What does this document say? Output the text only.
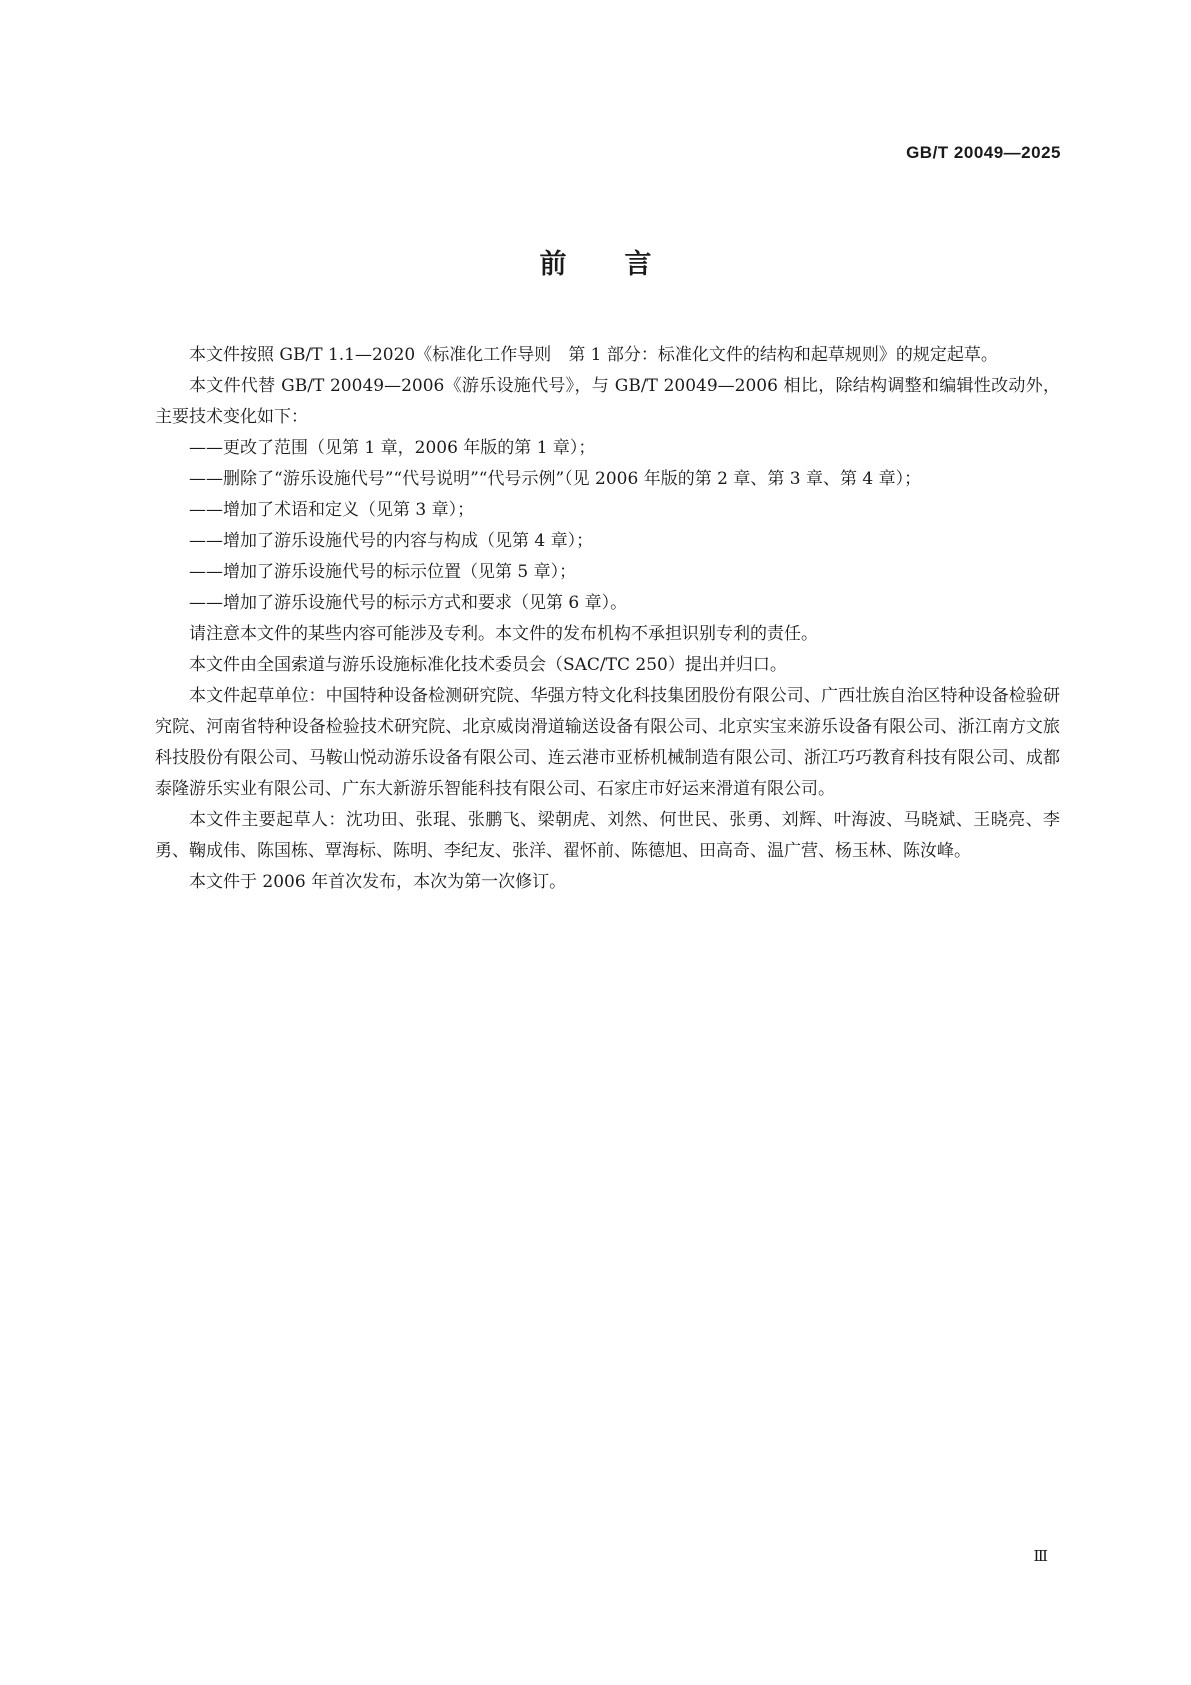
GB/T 20049—2025
前言

本文件按照 GB/T 1.1—2020《标准化工作导则　第 1 部分：标准化文件的结构和起草规则》的规定起草。

本文件代替 GB/T 20049—2006《游乐设施代号》，与 GB/T 20049—2006 相比，除结构调整和编辑性改动外，主要技术变化如下：

——更改了范围（见第 1 章，2006 年版的第 1 章）；

——删除了“游乐设施代号”“代号说明”“代号示例”（见 2006 年版的第 2 章、第 3 章、第 4 章）；

——增加了术语和定义（见第 3 章）；

——增加了游乐设施代号的内容与构成（见第 4 章）；

——增加了游乐设施代号的标示位置（见第 5 章）；

——增加了游乐设施代号的标示方式和要求（见第 6 章）。

请注意本文件的某些内容可能涉及专利。本文件的发布机构不承担识别专利的责任。

本文件由全国索道与游乐设施标准化技术委员会（SAC/TC 250）提出并归口。

本文件起草单位：中国特种设备检测研究院、华强方特文化科技集团股份有限公司、广西壮族自治区特种设备检验研究院、河南省特种设备检验技术研究院、北京威岗滑道输送设备有限公司、北京实宝来游乐设备有限公司、浙江南方文旅科技股份有限公司、马鞍山悦动游乐设备有限公司、连云港市亚桥机械制造有限公司、浙江巧巧教育科技有限公司、成都泰隆游乐实业有限公司、广东大新游乐智能科技有限公司、石家庄市好运来滑道有限公司。

本文件主要起草人：沈功田、张琨、张鹏飞、梁朝虎、刘然、何世民、张勇、刘辉、叶海波、马晓斌、王晓亮、李勇、鞠成伟、陈国栋、覃海标、陈明、李纪友、张洋、翟怀前、陈德旭、田高奇、温广营、杨玉林、陈汝峰。

本文件于 2006 年首次发布，本次为第一次修订。

Ⅲ
